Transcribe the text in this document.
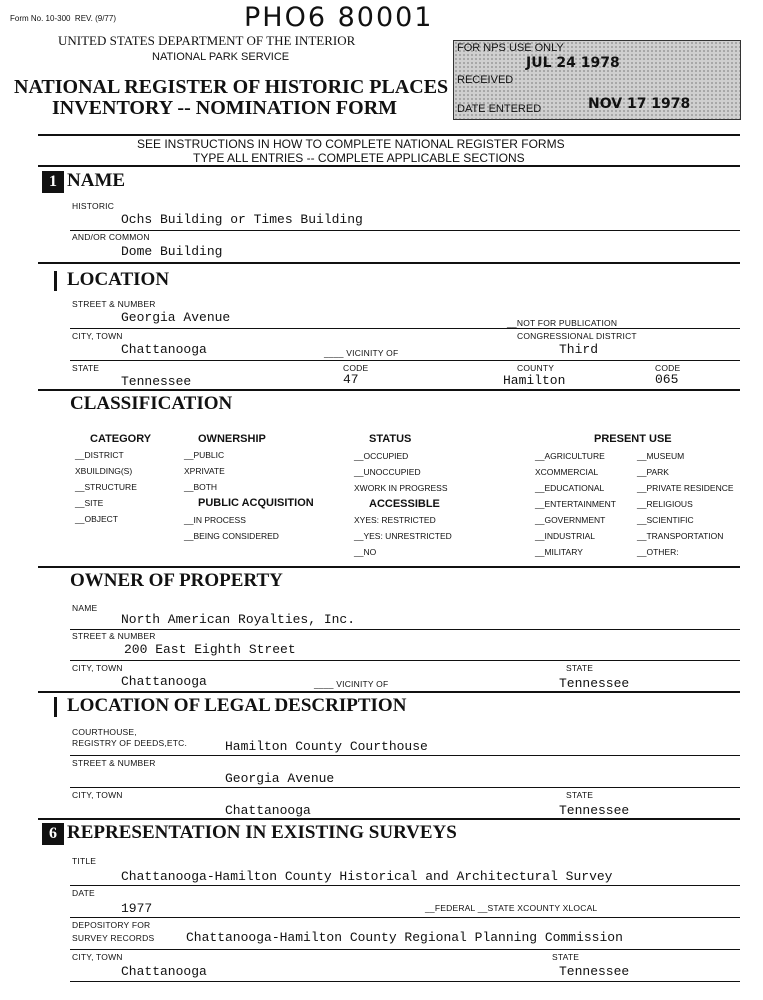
Form No. 10-300 REV. (9/77)	PHO6 80001
UNITED STATES DEPARTMENT OF THE INTERIOR
NATIONAL PARK SERVICE
NATIONAL REGISTER OF HISTORIC PLACES
INVENTORY -- NOMINATION FORM
FOR NPS USE ONLY
RECEIVED
JUL 24 1978
DATE ENTERED	NOV 17 1978
SEE INSTRUCTIONS IN HOW TO COMPLETE NATIONAL REGISTER FORMS
TYPE ALL ENTRIES -- COMPLETE APPLICABLE SECTIONS
1 NAME
HISTORIC
Ochs Building or Times Building
AND/OR COMMON
Dome Building
LOCATION
STREET & NUMBER
Georgia Avenue	__NOT FOR PUBLICATION
CITY, TOWN	CONGRESSIONAL DISTRICT
Chattanooga	____ VICINITY OF	Third
STATE	CODE	COUNTY	CODE
Tennessee	47	Hamilton	065
CLASSIFICATION
CATEGORY
__DISTRICT
XBUILDING(S)
__STRUCTURE
__SITE
__OBJECT
OWNERSHIP
__PUBLIC
XPRIVATE
__BOTH
PUBLIC ACQUISITION
__IN PROCESS
__BEING CONSIDERED
STATUS
__OCCUPIED
__UNOCCUPIED
XWORK IN PROGRESS
ACCESSIBLE
XYES: RESTRICTED
__YES: UNRESTRICTED
__NO
PRESENT USE
__AGRICULTURE
XCOMMERCIAL
__EDUCATIONAL
__ENTERTAINMENT
__GOVERNMENT
__INDUSTRIAL
__MILITARY
__MUSEUM
__PARK
__PRIVATE RESIDENCE
__RELIGIOUS
__SCIENTIFIC
__TRANSPORTATION
__OTHER:
OWNER OF PROPERTY
NAME
North American Royalties, Inc.
STREET & NUMBER
200 East Eighth Street
CITY, TOWN	STATE
Chattanooga	____ VICINITY OF	Tennessee
LOCATION OF LEGAL DESCRIPTION
COURTHOUSE,
REGISTRY OF DEEDS,ETC.	Hamilton County Courthouse
STREET & NUMBER
Georgia Avenue
CITY, TOWN	STATE
Chattanooga	Tennessee
6 REPRESENTATION IN EXISTING SURVEYS
TITLE
Chattanooga-Hamilton County Historical and Architectural Survey
DATE
1977	__FEDERAL __STATE XCOUNTY XLOCAL
DEPOSITORY FOR
SURVEY RECORDS Chattanooga-Hamilton County Regional Planning Commission
CITY, TOWN	STATE
Chattanooga	Tennessee
